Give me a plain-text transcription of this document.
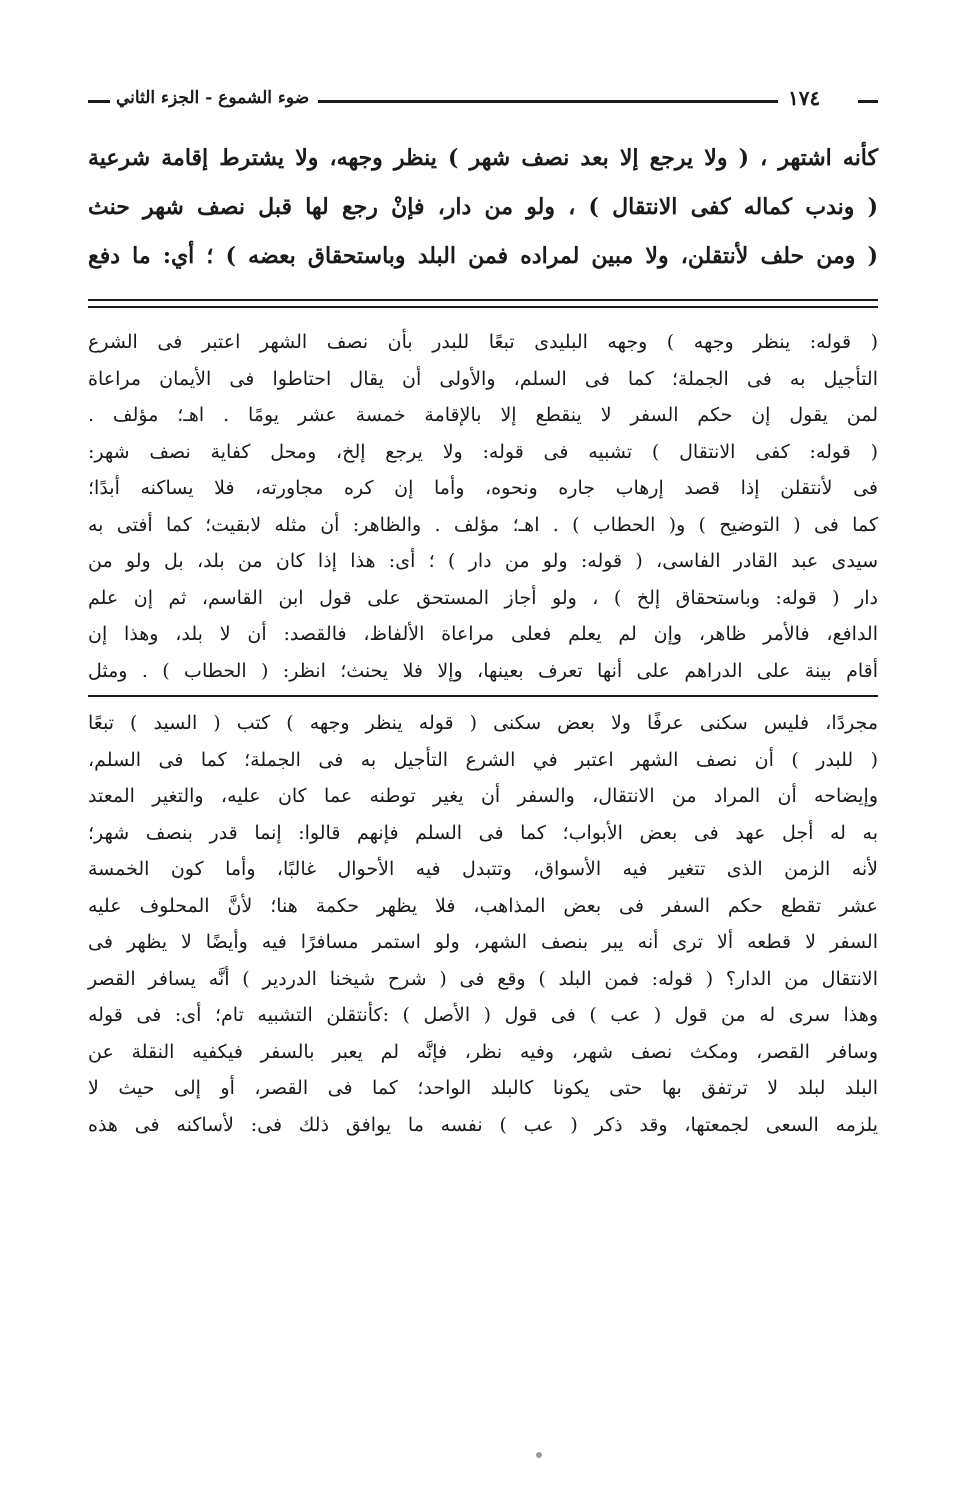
ضوء الشموع - الجزء الثاني	١٧٤

كأنه اشتهر ، ( ولا يرجع إلا بعد نصف شهر ) ينظر وجهه، ولا يشترط إقامة شرعية

( وندب كماله كفى الانتقال ) ، ولو من دار، فإنْ رجع لها قبل نصف شهر حنث

( ومن حلف لأنتقلن، ولا مبين لمراده فمن البلد وباستحقاق بعضه ) ؛ أي: ما دفع

( قوله: ينظر وجهه ) وجهه البليدى تبعًا للبدر بأن نصف الشهر اعتبر فى الشرع

التأجيل به فى الجملة؛ كما فى السلم، والأولى أن يقال احتاطوا فى الأيمان مراعاة

لمن يقول إن حكم السفر لا ينقطع إلا بالإقامة خمسة عشر يومًا . اهـ؛ مؤلف .

( قوله: كفى الانتقال ) تشبيه فى قوله: ولا يرجع إلخ، ومحل كفاية نصف شهر:

فى لأنتقلن إذا قصد إرهاب جاره ونحوه، وأما إن كره مجاورته، فلا يساكنه أبدًا؛

كما فى ( التوضيح ) و( الحطاب ) . اهـ؛ مؤلف . والظاهر: أن مثله لابقيت؛ كما أفتى به

سيدى عبد القادر الفاسى، ( قوله: ولو من دار ) ؛ أى: هذا إذا كان من بلد، بل ولو من

دار ( قوله: وباستحقاق إلخ ) ، ولو أجاز المستحق على قول ابن القاسم، ثم إن علم

الدافع، فالأمر ظاهر، وإن لم يعلم فعلى مراعاة الألفاظ، فالقصد: أن لا بلد، وهذا إن

أقام بينة على الدراهم على أنها تعرف بعينها، وإلا فلا يحنث؛ انظر: ( الحطاب ) . ومثل

مجردًا، فليس سكنى عرفًا ولا بعض سكنى ( قوله ينظر وجهه ) كتب ( السيد ) تبعًا

( للبدر ) أن نصف الشهر اعتبر في الشرع التأجيل به فى الجملة؛ كما فى السلم،

وإيضاحه أن المراد من الانتقال، والسفر أن يغير توطنه عما كان عليه، والتغير المعتد

به له أجل عهد فى بعض الأبواب؛ كما فى السلم فإنهم قالوا: إنما قدر بنصف شهر؛

لأنه الزمن الذى تتغير فيه الأسواق، وتتبدل فيه الأحوال غالبًا، وأما كون الخمسة

عشر تقطع حكم السفر فى بعض المذاهب، فلا يظهر حكمة هنا؛ لأنَّ المحلوف عليه

السفر لا قطعه ألا ترى أنه يبر بنصف الشهر، ولو استمر مسافرًا فيه وأيضًا لا يظهر فى

الانتقال من الدار؟ ( قوله: فمن البلد ) وقع فى ( شرح شيخنا الدردير ) أنَّه يسافر القصر

وهذا سرى له من قول ( عب ) فى قول ( الأصل ) :كأنتقلن التشبيه تام؛ أى: فى قوله

وسافر القصر، ومكث نصف شهر، وفيه نظر، فإنَّه لم يعبر بالسفر فيكفيه النقلة عن

البلد لبلد لا ترتفق بها حتى يكونا كالبلد الواحد؛ كما فى القصر، أو إلى حيث لا

يلزمه السعى لجمعتها، وقد ذكر ( عب ) نفسه ما يوافق ذلك فى: لأساكنه فى هذه
